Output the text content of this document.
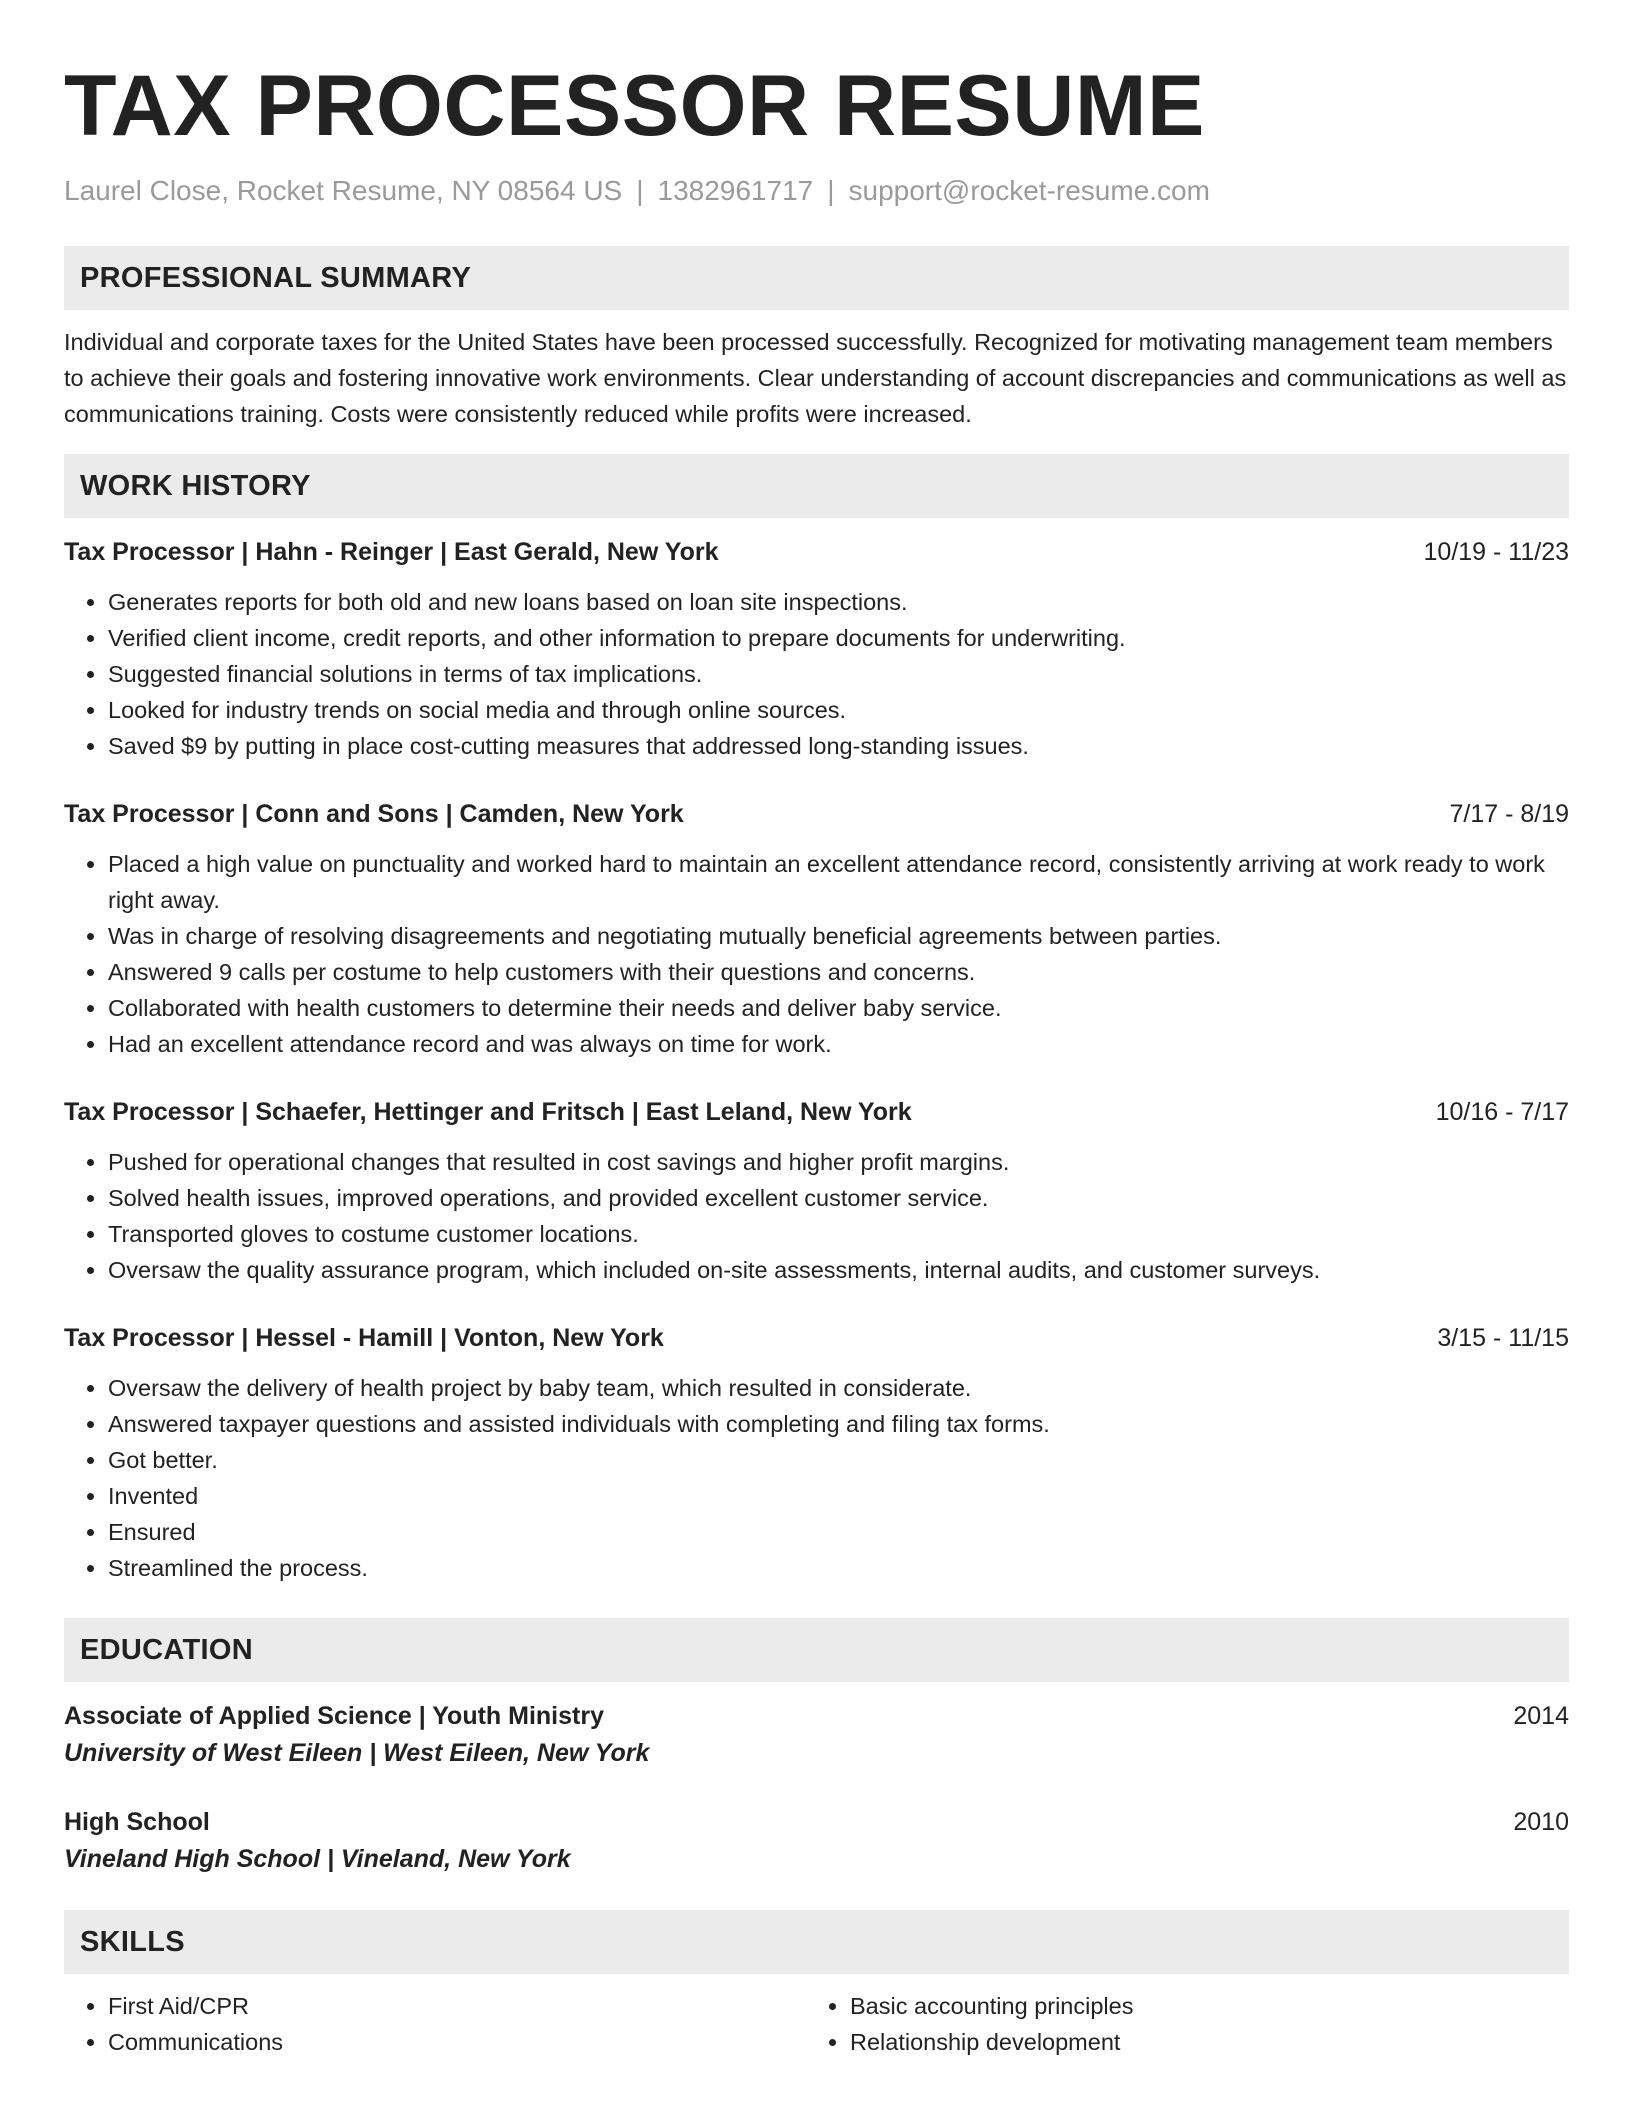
TAX PROCESSOR RESUME
Laurel Close, Rocket Resume, NY 08564 US | 1382961717 | support@rocket-resume.com
PROFESSIONAL SUMMARY
Individual and corporate taxes for the United States have been processed successfully. Recognized for motivating management team members to achieve their goals and fostering innovative work environments. Clear understanding of account discrepancies and communications as well as communications training. Costs were consistently reduced while profits were increased.
WORK HISTORY
Tax Processor | Hahn - Reinger | East Gerald, New York	10/19 - 11/23
• Generates reports for both old and new loans based on loan site inspections.
• Verified client income, credit reports, and other information to prepare documents for underwriting.
• Suggested financial solutions in terms of tax implications.
• Looked for industry trends on social media and through online sources.
• Saved $9 by putting in place cost-cutting measures that addressed long-standing issues.
Tax Processor | Conn and Sons | Camden, New York	7/17 - 8/19
• Placed a high value on punctuality and worked hard to maintain an excellent attendance record, consistently arriving at work ready to work right away.
• Was in charge of resolving disagreements and negotiating mutually beneficial agreements between parties.
• Answered 9 calls per costume to help customers with their questions and concerns.
• Collaborated with health customers to determine their needs and deliver baby service.
• Had an excellent attendance record and was always on time for work.
Tax Processor | Schaefer, Hettinger and Fritsch | East Leland, New York	10/16 - 7/17
• Pushed for operational changes that resulted in cost savings and higher profit margins.
• Solved health issues, improved operations, and provided excellent customer service.
• Transported gloves to costume customer locations.
• Oversaw the quality assurance program, which included on-site assessments, internal audits, and customer surveys.
Tax Processor | Hessel - Hamill | Vonton, New York	3/15 - 11/15
• Oversaw the delivery of health project by baby team, which resulted in considerate.
• Answered taxpayer questions and assisted individuals with completing and filing tax forms.
• Got better.
• Invented
• Ensured
• Streamlined the process.
EDUCATION
Associate of Applied Science | Youth Ministry	2014
University of West Eileen | West Eileen, New York
High School	2010
Vineland High School | Vineland, New York
SKILLS
• First Aid/CPR
• Communications
• Basic accounting principles
• Relationship development
